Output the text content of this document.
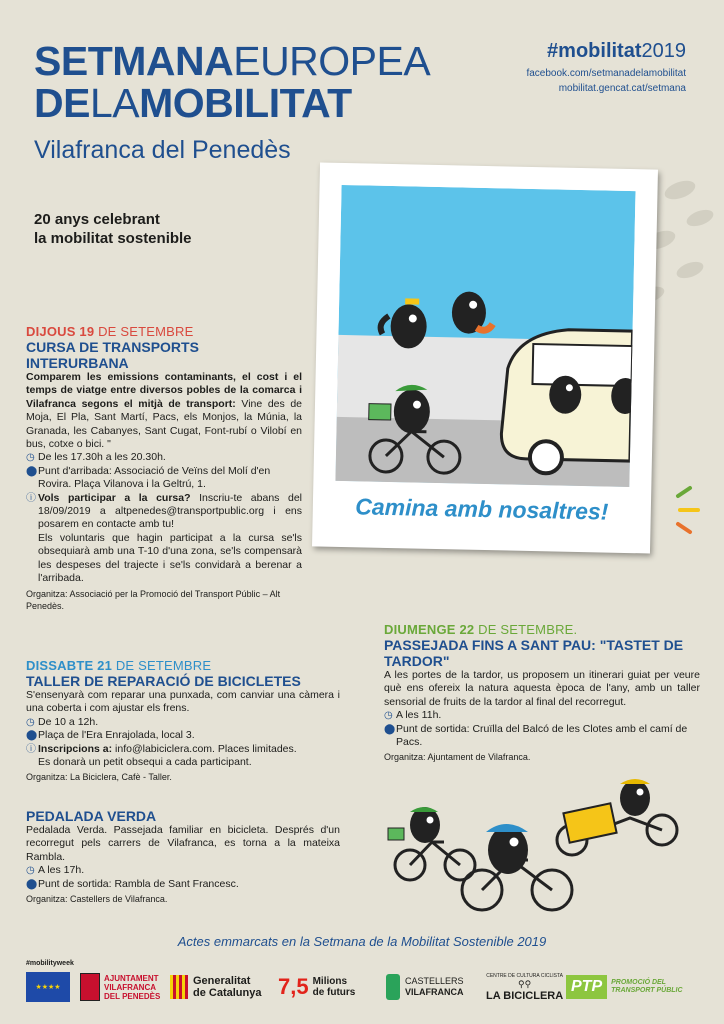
SETMANAEUROPEA
DELAMOBILITAT
Vilafranca del Penedès
20 anys celebrant
la mobilitat sostenible
#mobilitat2019
facebook.com/setmanadelamobilitat
mobilitat.gencat.cat/setmana
Camina amb nosaltres!
DIJOUS 19 DE SETEMBRE
CURSA DE TRANSPORTS INTERURBANA
Comparem les emissions contaminants, el cost i el temps de viatge entre diversos pobles de la comarca i Vilafranca segons el mitjà de transport: Vine des de Moja, El Pla, Sant Martí, Pacs, els Monjos, la Múnia, la Granada, les Cabanyes, Sant Cugat, Font-rubí o Vilobí en bus, cotxe o bici. "
◷ De les 17.30h a les 20.30h.
⬤ Punt d'arribada: Associació de Veïns del Molí d'en Rovira. Plaça Vilanova i la Geltrú, 1.
ⓘ Vols participar a la cursa? Inscriu-te abans del 18/09/2019 a altpenedes@transportpublic.org i ens posarem en contacte amb tu!
Els voluntaris que hagin participat a la cursa se'ls obsequiarà amb una T-10 d'una zona, se'ls compensarà les despeses del trajecte i se'ls convidarà a berenar a l'arribada.
Organitza: Associació per la Promoció del Transport Públic – Alt Penedès.
DISSABTE 21 DE SETEMBRE
TALLER DE REPARACIÓ DE BICICLETES
S'ensenyarà com reparar una punxada, com canviar una càmera i una coberta i com ajustar els frens.
◷ De 10 a 12h.
⬤ Plaça de l'Era Enrajolada, local 3.
ⓘ Inscripcions a: info@labiciclera.com. Places limitades.
Es donarà un petit obsequi a cada participant.
Organitza: La Biciclera, Cafè - Taller.
PEDALADA VERDA
Pedalada Verda. Passejada familiar en bicicleta. Després d'un recorregut pels carrers de Vilafranca, es torna a la mateixa Rambla.
◷ A les 17h.
⬤ Punt de sortida: Rambla de Sant Francesc.
Organitza: Castellers de Vilafranca.
DIUMENGE 22 DE SETEMBRE.
PASSEJADA FINS A SANT PAU: "TASTET DE TARDOR"
A les portes de la tardor, us proposem un itinerari guiat per veure què ens ofereix la natura aquesta època de l'any, amb un taller sensorial de fruits de la tardor al final del recorregut.
◷ A les 11h.
⬤ Punt de sortida: Cruïlla del Balcó de les Clotes amb el camí de Pacs.
Organitza: Ajuntament de Vilafranca.
Actes emmarcats en la Setmana de la Mobilitat Sostenible 2019
#mobilityweek
★★★★
AJUNTAMENT
VILAFRANCA
DEL PENEDÈS
Generalitat
de Catalunya 7,5 Milions
de futurs
CASTELLERS
VILAFRANCA
CENTRE DE CULTURA CICLISTA
⚲⚲
LA BICICLERA
PTP	PROMOCIÓ DEL
TRANSPORT PÚBLIC
